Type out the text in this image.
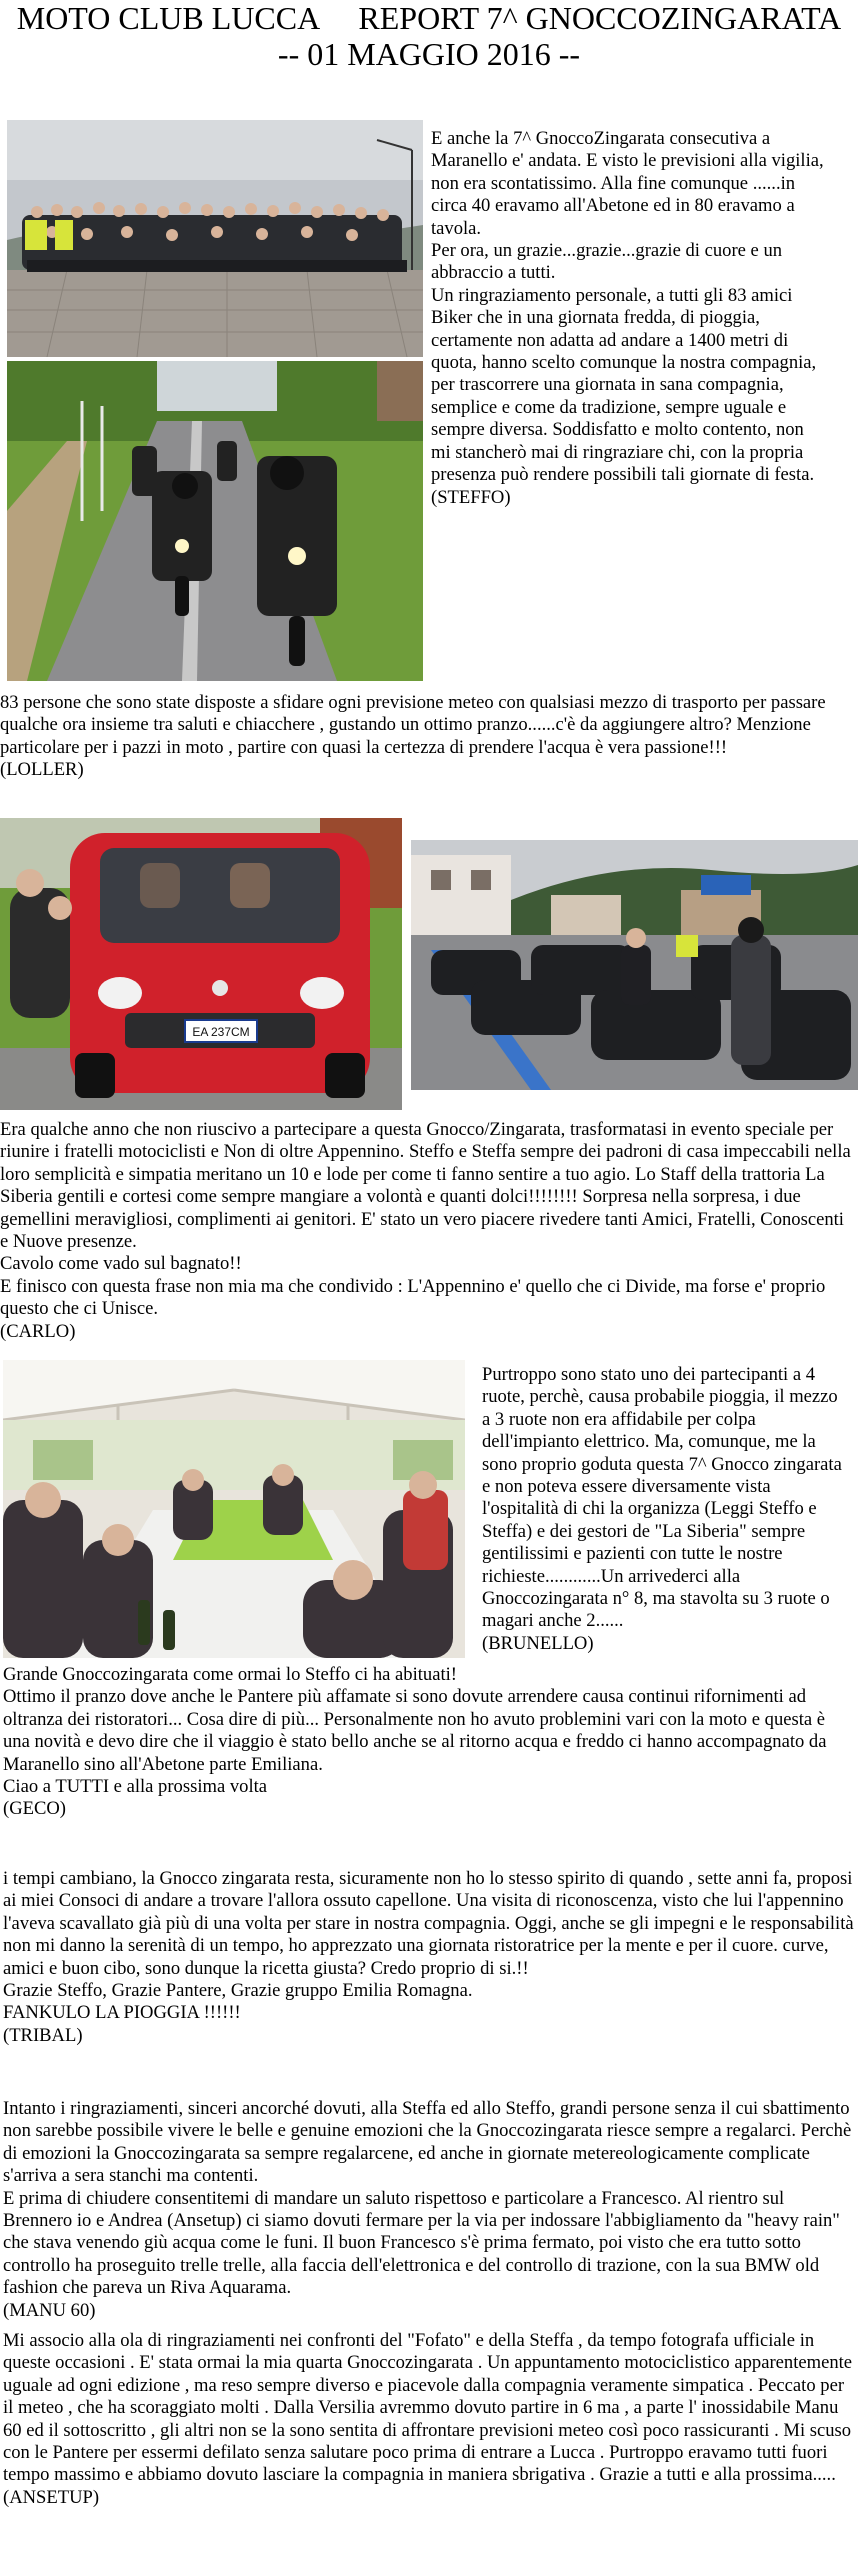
MOTO CLUB LUCCA     REPORT 7^ GNOCCOZINGARATA
-- 01 MAGGIO 2016 --

E anche la 7^ GnoccoZingarata consecutiva a Maranello e' andata. E visto le previsioni alla vigilia, non era scontatissimo. Alla fine comunque ......in circa 40 eravamo all'Abetone ed in 80 eravamo a tavola.
Per ora, un grazie...grazie...grazie di cuore e un abbraccio a tutti.
Un ringraziamento personale, a tutti gli 83 amici Biker che in una giornata fredda, di pioggia, certamente non adatta ad andare a 1400 metri di quota, hanno scelto comunque la nostra compagnia, per trascorrere una giornata in sana compagnia, semplice e come da tradizione, sempre uguale e sempre diversa. Soddisfatto e molto contento, non mi stancherò mai di ringraziare chi, con la propria presenza può rendere possibili tali giornate di festa.

(STEFFO)

83 persone che sono state disposte a sfidare ogni previsione meteo con qualsiasi mezzo di trasporto per passare qualche ora insieme tra saluti e chiacchere , gustando un ottimo pranzo......c'è da aggiungere altro? Menzione particolare per i pazzi in moto , partire con quasi la certezza di prendere l'acqua è vera passione!!!

(LOLLER)

EA 237CM

Era qualche anno che non riuscivo a partecipare a questa Gnocco/Zingarata, trasformatasi in evento speciale per riunire i fratelli motociclisti e Non di oltre Appennino. Steffo e Steffa sempre dei padroni di casa impeccabili nella loro semplicità e simpatia meritano un 10 e lode per come ti fanno sentire a tuo agio. Lo Staff della trattoria La Siberia gentili e cortesi come sempre mangiare a volontà e quanti dolci!!!!!!!! Sorpresa nella sorpresa, i due gemellini meravigliosi, complimenti ai genitori. E' stato un vero piacere rivedere tanti Amici, Fratelli, Conoscenti e Nuove presenze.
Cavolo come vado sul bagnato!!
E finisco con questa frase non mia ma che condivido : L'Appennino e' quello che ci Divide, ma forse e' proprio questo che ci Unisce.

(CARLO)

Purtroppo sono stato uno dei partecipanti a 4 ruote, perchè, causa probabile pioggia, il mezzo a 3 ruote non era affidabile per colpa dell'impianto elettrico. Ma, comunque, me la sono proprio goduta questa 7^ Gnocco zingarata e non poteva essere diversamente vista l'ospitalità di chi la organizza (Leggi Steffo e Steffa) e dei gestori de "La Siberia" sempre gentilissimi e pazienti con tutte le nostre richieste............Un arrivederci alla Gnoccozingarata n° 8, ma stavolta su 3 ruote o magari anche 2......

(BRUNELLO)

Grande Gnoccozingarata come ormai lo Steffo ci ha abituati!
Ottimo il pranzo dove anche le Pantere più affamate si sono dovute arrendere causa continui rifornimenti ad oltranza dei ristoratori... Cosa dire di più... Personalmente non ho avuto problemini vari con la moto e questa è una novità e devo dire che il viaggio è stato bello anche se al ritorno acqua e freddo ci hanno accompagnato da Maranello sino all'Abetone parte Emiliana.
Ciao a TUTTI e alla prossima volta

(GECO)

i tempi cambiano, la Gnocco zingarata resta, sicuramente non ho lo stesso spirito di quando , sette anni fa, proposi ai miei Consoci di andare a trovare l'allora ossuto capellone. Una visita di riconoscenza, visto che lui l'appennino l'aveva scavallato già più di una volta per stare in nostra compagnia. Oggi, anche se gli impegni e le responsabilità non mi danno la serenità di un tempo, ho apprezzato una giornata ristoratrice per la mente e per il cuore. curve, amici e buon cibo, sono dunque la ricetta giusta? Credo proprio di si.!!
Grazie Steffo, Grazie Pantere, Grazie gruppo Emilia Romagna.
FANKULO LA PIOGGIA !!!!!!

(TRIBAL)

Intanto i ringraziamenti, sinceri ancorché dovuti, alla Steffa ed allo Steffo, grandi persone senza il cui sbattimento non sarebbe possibile vivere le belle e genuine emozioni che la Gnoccozingarata riesce sempre a regalarci. Perchè di emozioni la Gnoccozingarata sa sempre regalarcene, ed anche in giornate metereologicamente complicate s'arriva a sera stanchi ma contenti.
E prima di chiudere consentitemi di mandare un saluto rispettoso e particolare a Francesco. Al rientro sul Brennero io e Andrea (Ansetup) ci siamo dovuti fermare per la via per indossare l'abbigliamento da "heavy rain" che stava venendo giù acqua come le funi. Il buon Francesco s'è prima fermato, poi visto che era tutto sotto controllo ha proseguito trelle trelle, alla faccia dell'elettronica e del controllo di trazione, con la sua BMW old fashion che pareva un Riva Aquarama.

(MANU 60)

Mi associo alla ola di ringraziamenti nei confronti del "Fofato" e della Steffa , da tempo fotografa ufficiale in queste occasioni . E' stata ormai la mia quarta Gnoccozingarata . Un appuntamento motociclistico apparentemente uguale ad ogni edizione , ma reso sempre diverso e piacevole dalla compagnia veramente simpatica . Peccato per il meteo , che ha scoraggiato molti . Dalla Versilia avremmo dovuto partire in 6 ma , a parte l' inossidabile Manu 60 ed il sottoscritto , gli altri non se la sono sentita di affrontare previsioni meteo così poco rassicuranti . Mi scuso con le Pantere per essermi defilato senza salutare poco prima di entrare a Lucca . Purtroppo eravamo tutti fuori tempo massimo e abbiamo dovuto lasciare la compagnia in maniera sbrigativa . Grazie a tutti e alla prossima.....

(ANSETUP)
